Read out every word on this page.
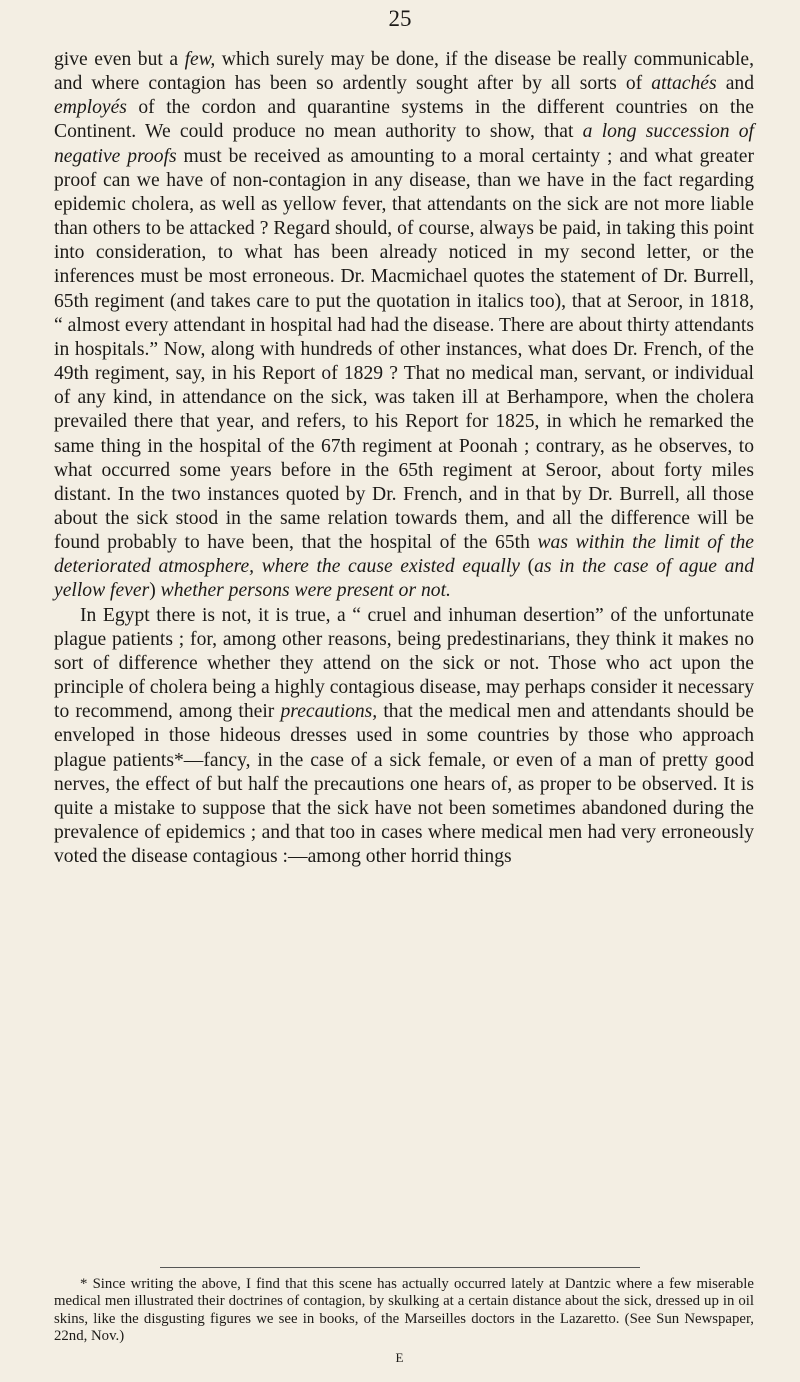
25

give even but a few, which surely may be done, if the disease be really communicable, and where contagion has been so ardently sought after by all sorts of attachés and employés of the cordon and quarantine systems in the different countries on the Continent. We could produce no mean authority to show, that a long succession of negative proofs must be received as amounting to a moral certainty ; and what greater proof can we have of non-contagion in any disease, than we have in the fact regarding epidemic cholera, as well as yellow fever, that attendants on the sick are not more liable than others to be attacked ? Regard should, of course, always be paid, in taking this point into consideration, to what has been already noticed in my second letter, or the inferences must be most erroneous. Dr. Macmichael quotes the statement of Dr. Burrell, 65th regiment (and takes care to put the quotation in italics too), that at Seroor, in 1818, “ almost every attendant in hospital had had the disease. There are about thirty attendants in hospitals.” Now, along with hundreds of other instances, what does Dr. French, of the 49th regiment, say, in his Report of 1829 ? That no medical man, servant, or individual of any kind, in attendance on the sick, was taken ill at Berhampore, when the cholera prevailed there that year, and refers, to his Report for 1825, in which he remarked the same thing in the hospital of the 67th regiment at Poonah ; contrary, as he observes, to what occurred some years before in the 65th regiment at Seroor, about forty miles distant. In the two instances quoted by Dr. French, and in that by Dr. Burrell, all those about the sick stood in the same relation towards them, and all the difference will be found probably to have been, that the hospital of the 65th was within the limit of the deteriorated atmosphere, where the cause existed equally (as in the case of ague and yellow fever) whether persons were present or not.

In Egypt there is not, it is true, a “ cruel and inhuman desertion” of the unfortunate plague patients ; for, among other reasons, being predestinarians, they think it makes no sort of difference whether they attend on the sick or not. Those who act upon the principle of cholera being a highly contagious disease, may perhaps consider it necessary to recommend, among their precautions, that the medical men and attendants should be enveloped in those hideous dresses used in some countries by those who approach plague patients*—fancy, in the case of a sick female, or even of a man of pretty good nerves, the effect of but half the precautions one hears of, as proper to be observed. It is quite a mistake to suppose that the sick have not been sometimes abandoned during the prevalence of epidemics ; and that too in cases where medical men had very erroneously voted the disease contagious :—among other horrid things

* Since writing the above, I find that this scene has actually occurred lately at Dantzic where a few miserable medical men illustrated their doctrines of contagion, by skulking at a certain distance about the sick, dressed up in oil skins, like the disgusting figures we see in books, of the Marseilles doctors in the Lazaretto. (See Sun Newspaper, 22nd, Nov.)
E
